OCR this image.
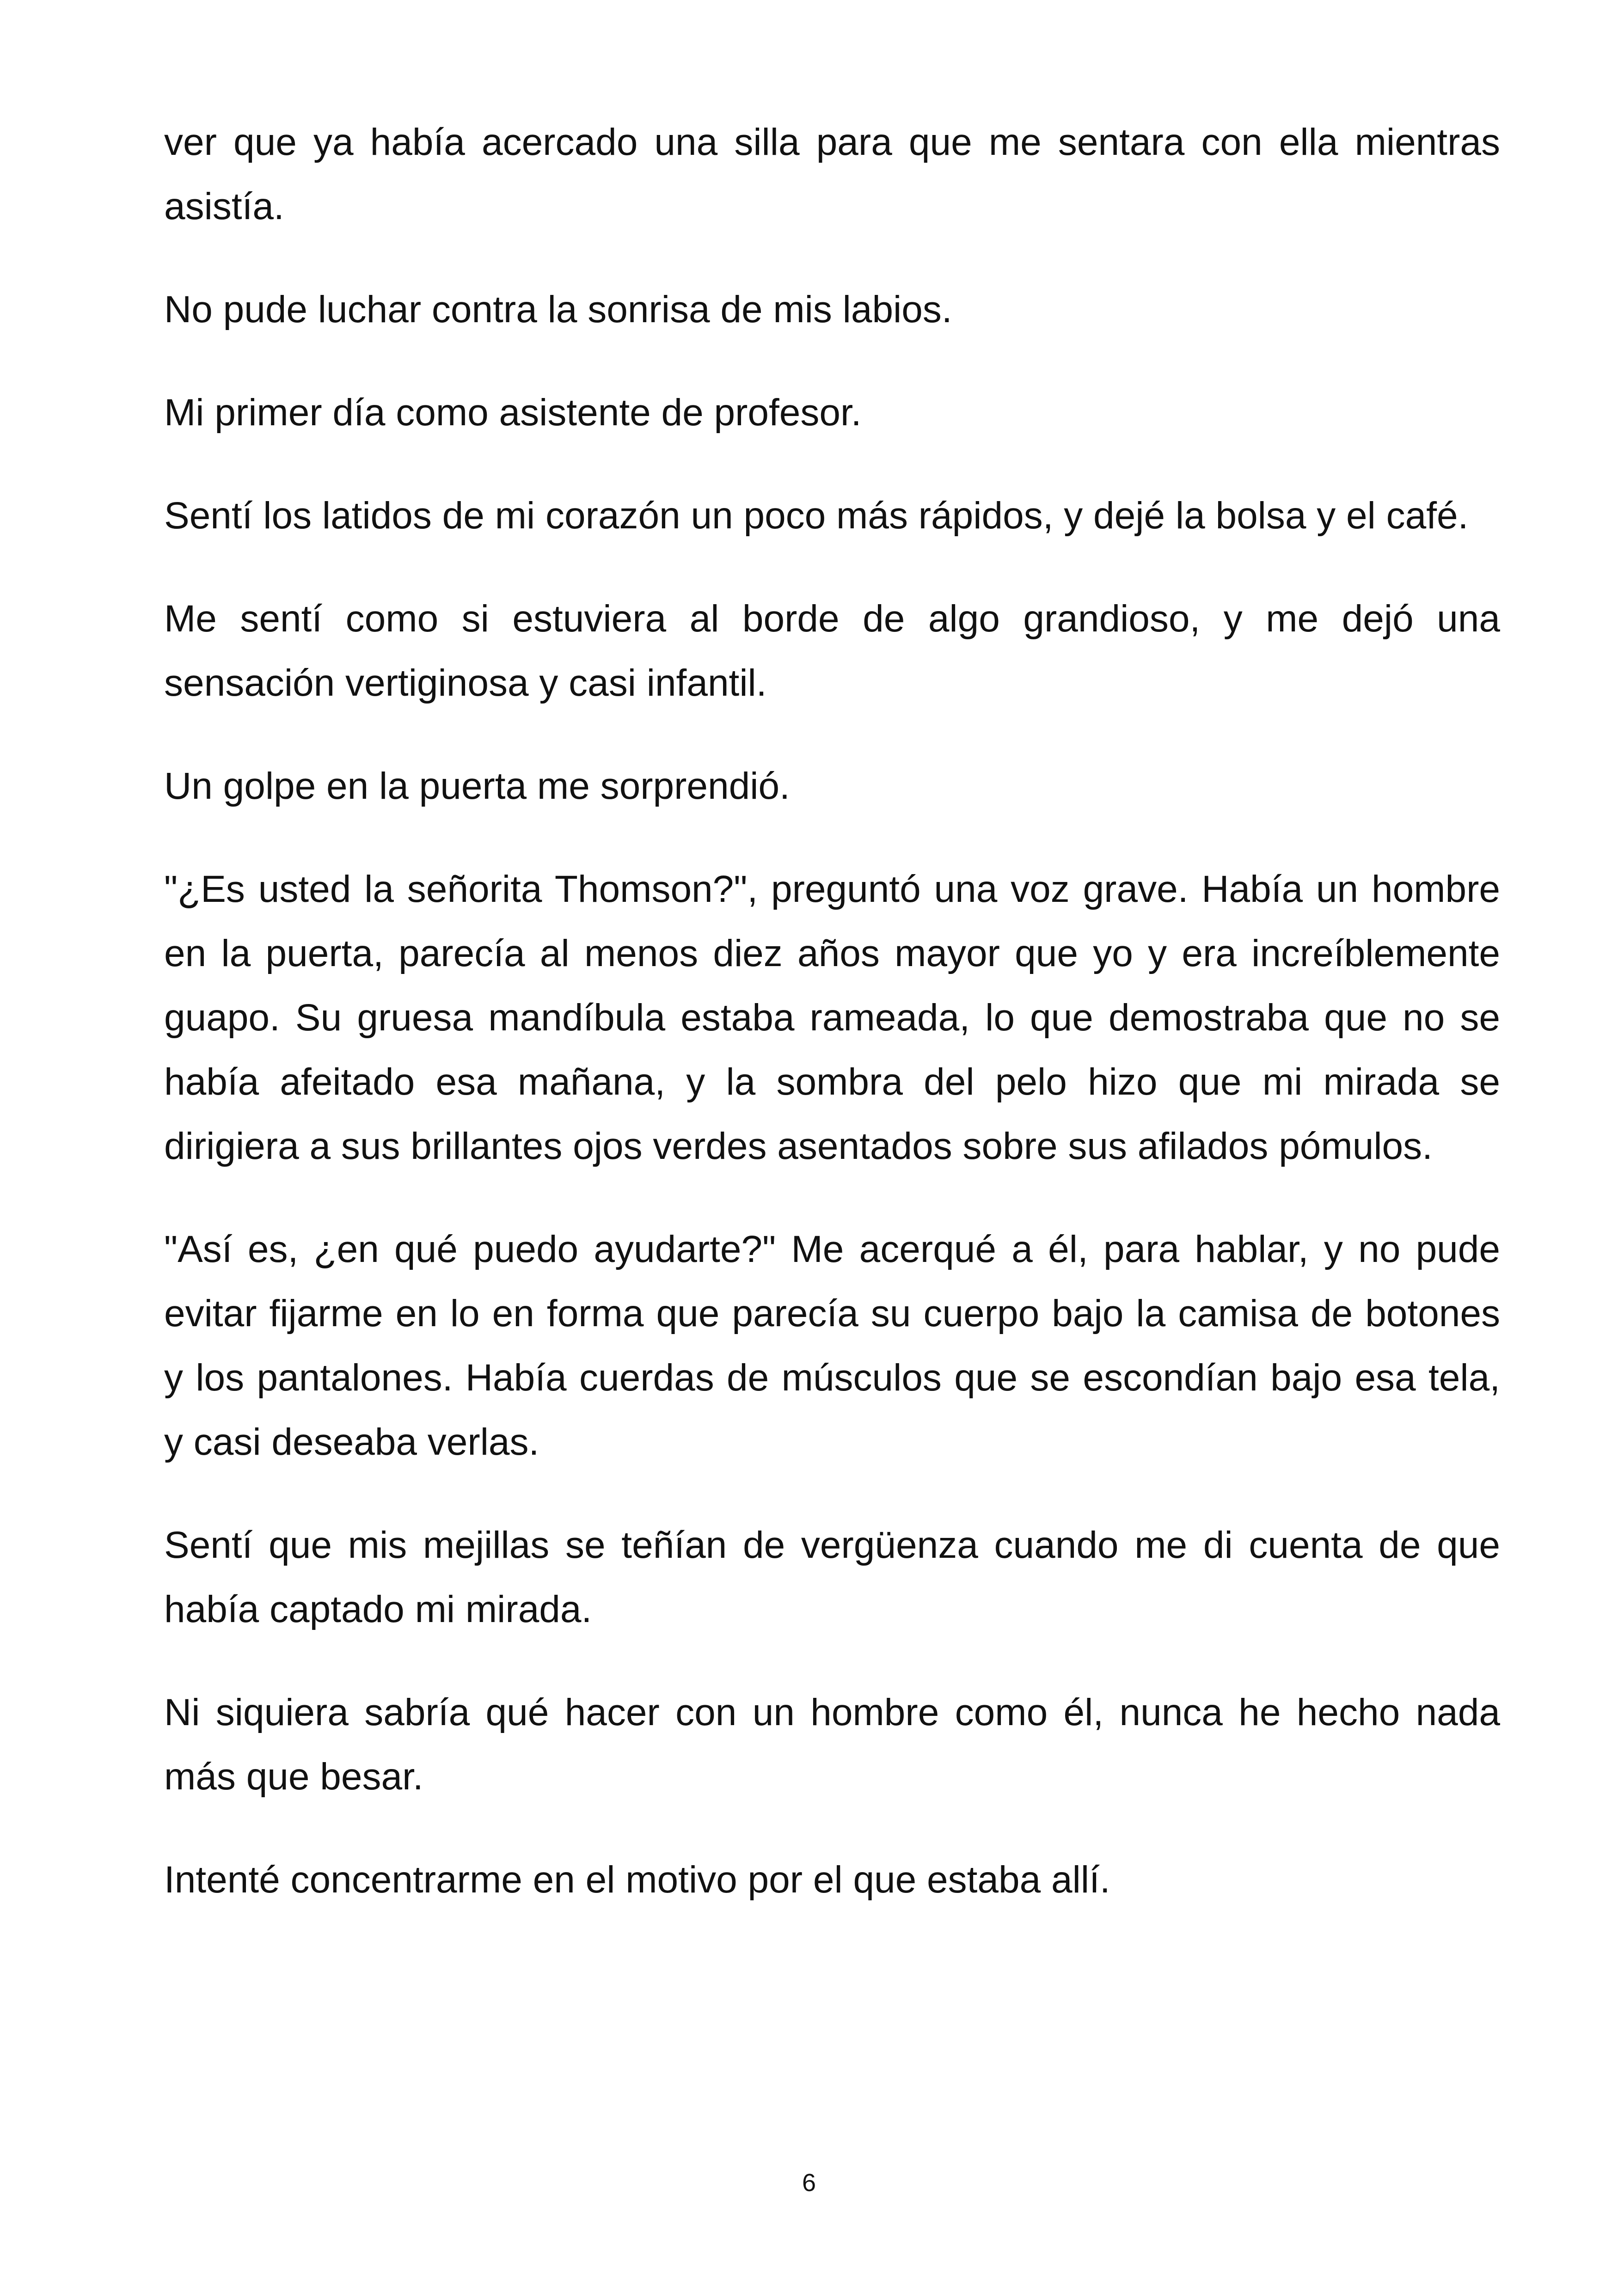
ver que ya había acercado una silla para que me sentara con ella mientras asistía.

No pude luchar contra la sonrisa de mis labios.

Mi primer día como asistente de profesor.

Sentí los latidos de mi corazón un poco más rápidos, y dejé la bolsa y el café.

Me sentí como si estuviera al borde de algo grandioso, y me dejó una sensación vertiginosa y casi infantil.

Un golpe en la puerta me sorprendió.

"¿Es usted la señorita Thomson?", preguntó una voz grave. Había un hombre en la puerta, parecía al menos diez años mayor que yo y era increíblemente guapo. Su gruesa mandíbula estaba rameada, lo que demostraba que no se había afeitado esa mañana, y la sombra del pelo hizo que mi mirada se dirigiera a sus brillantes ojos verdes asentados sobre sus afilados pómulos.

"Así es, ¿en qué puedo ayudarte?" Me acerqué a él, para hablar, y no pude evitar fijarme en lo en forma que parecía su cuerpo bajo la camisa de botones y los pantalones. Había cuerdas de músculos que se escondían bajo esa tela, y casi deseaba verlas.

Sentí que mis mejillas se teñían de vergüenza cuando me di cuenta de que había captado mi mirada.

Ni siquiera sabría qué hacer con un hombre como él, nunca he hecho nada más que besar.

Intenté concentrarme en el motivo por el que estaba allí.

6
